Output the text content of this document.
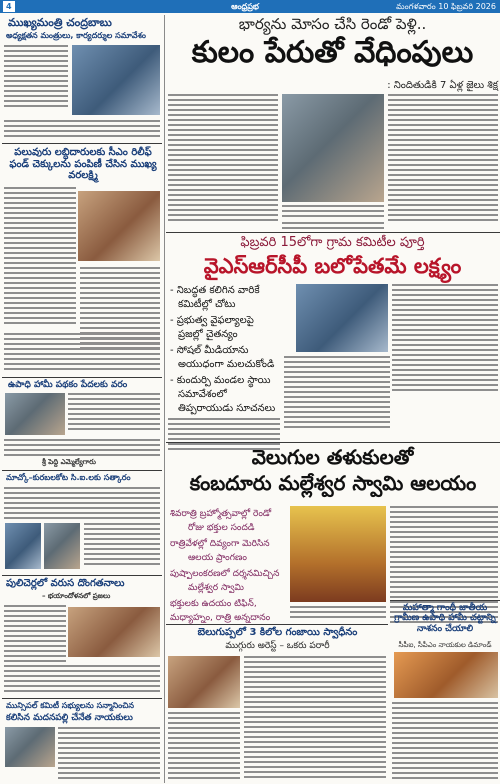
4	ఆంధ్రప్రభ	మంగళవారం 10 ఫిబ్రవరి 2026
ముఖ్యమంత్రి చంద్రబాబు
అధ్యక్షతన మంత్రులు, కార్యదర్శుల సమావేశం
పలువురు లబ్ధిదారులకు సీఎం రిలీఫ్ ఫండ్ చెక్కులను పంపిణీ చేసిన ముఖ్య వరలక్ష్మి
ఉపాధి హామీ పథకం పేదలకు వరం
శ్రీ పెద్ది ఎమ్మెల్యేగారు
మాచ్కో–కురబలకోట సి.ఐ.లకు సత్కారం
పులిచెర్లలో వరుస దొంగతనాలు
– భయాందోళనలో ప్రజలు
మున్సిపల్ కమిటీ సభ్యులను సన్మానించిన
కలిసిన మదనపల్లి చేనేత నాయకులు
భార్యను మోసం చేసి రెండో పెళ్లి..
కులం పేరుతో వేధింపులు
: నిందితుడికి 7 ఏళ్ల జైలు శిక్ష
ఫిబ్రవరి 15లోగా గ్రామ కమిటీల పూర్తి
వైఎస్ఆర్‌సీపీ బలోపేతమే లక్ష్యం
- నిబద్ధత కలిగిన వారికే
కమిటీల్లో చోటు
- ప్రభుత్వ వైఫల్యాలపై
ప్రజల్లో చైతన్యం
- సోషల్ మీడియాను
అయుధంగా మలచుకోండి
- కుందుర్పి మండల స్థాయి
సమావేశంలో
తిప్పరాయుడు సూచనలు
వెలుగుల తళుకులతో
కంబదూరు మల్లేశ్వర స్వామి ఆలయం
శివరాత్రి బ్రహ్మోత్సవాల్లో రెండో
రోజు భక్తుల సందడి
రాత్రివేళల్లో దివ్యంగా మెరిసిన
ఆలయ ప్రాంగణం
పుష్పాలంకరణలో దర్శనమిచ్చిన
మల్లేశ్వర స్వామి
భక్తులకు ఉదయం టిఫిన్,
మధ్యాహ్నం, రాత్రి అన్నదానం
బెలుగుప్పలో 3 కిలోల గంజాయి స్వాధీనం
ముగ్గురు అరెస్ట్ – ఒకరు పరారీ
మహాత్మా గాంధీ జాతీయ గ్రామీణ ఉపాధి హామీ చట్టాన్ని నాశనం చేయాలి
సీపీఐ, సీపీఎం నాయకుల డిమాండ్
